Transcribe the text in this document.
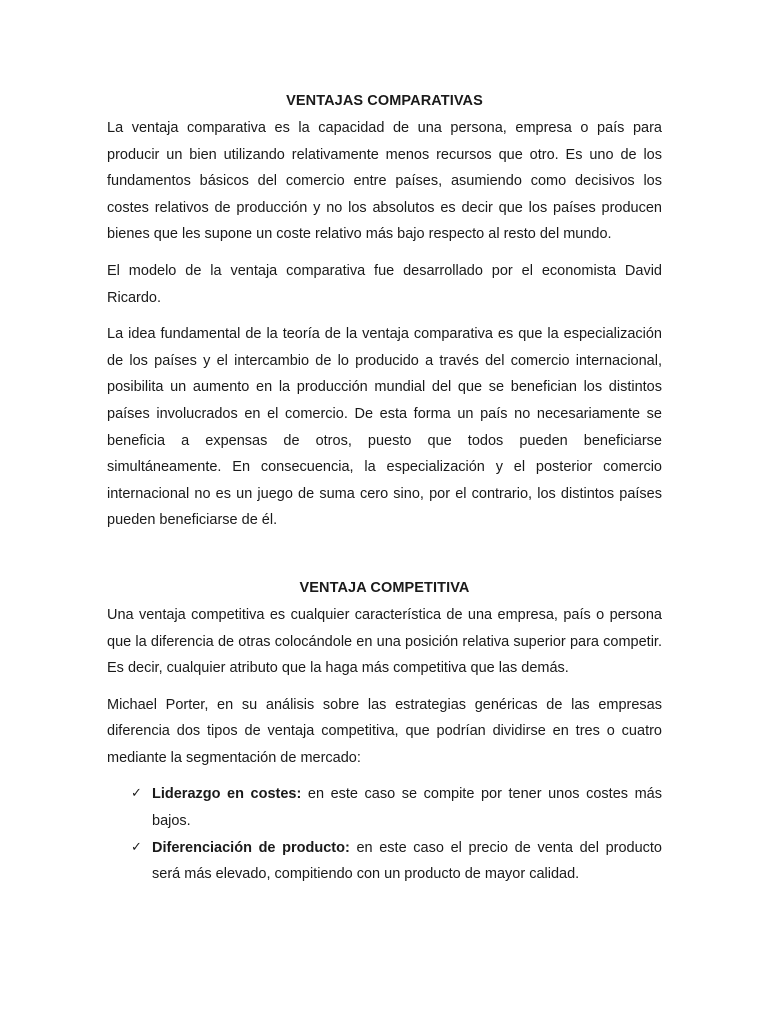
VENTAJAS COMPARATIVAS

La ventaja comparativa es la capacidad de una persona, empresa o país para producir un bien utilizando relativamente menos recursos que otro. Es uno de los fundamentos básicos del comercio entre países, asumiendo como decisivos los costes relativos de producción y no los absolutos es decir que los países producen bienes que les supone un coste relativo más bajo respecto al resto del mundo.

El modelo de la ventaja comparativa fue desarrollado por el economista David Ricardo.

La idea fundamental de la teoría de la ventaja comparativa es que la especialización de los países y el intercambio de lo producido a través del comercio internacional, posibilita un aumento en la producción mundial del que se benefician los distintos países involucrados en el comercio. De esta forma un país no necesariamente se beneficia a expensas de otros, puesto que todos pueden beneficiarse simultáneamente. En consecuencia, la especialización y el posterior comercio internacional no es un juego de suma cero sino, por el contrario, los distintos países pueden beneficiarse de él.

VENTAJA COMPETITIVA

Una ventaja competitiva es cualquier característica de una empresa, país o persona que la diferencia de otras colocándole en una posición relativa superior para competir. Es decir, cualquier atributo que la haga más competitiva que las demás.

Michael Porter, en su análisis sobre las estrategias genéricas de las empresas diferencia dos tipos de ventaja competitiva, que podrían dividirse en tres o cuatro mediante la segmentación de mercado:

✓ Liderazgo en costes: en este caso se compite por tener unos costes más bajos.
✓ Diferenciación de producto: en este caso el precio de venta del producto será más elevado, compitiendo con un producto de mayor calidad.
